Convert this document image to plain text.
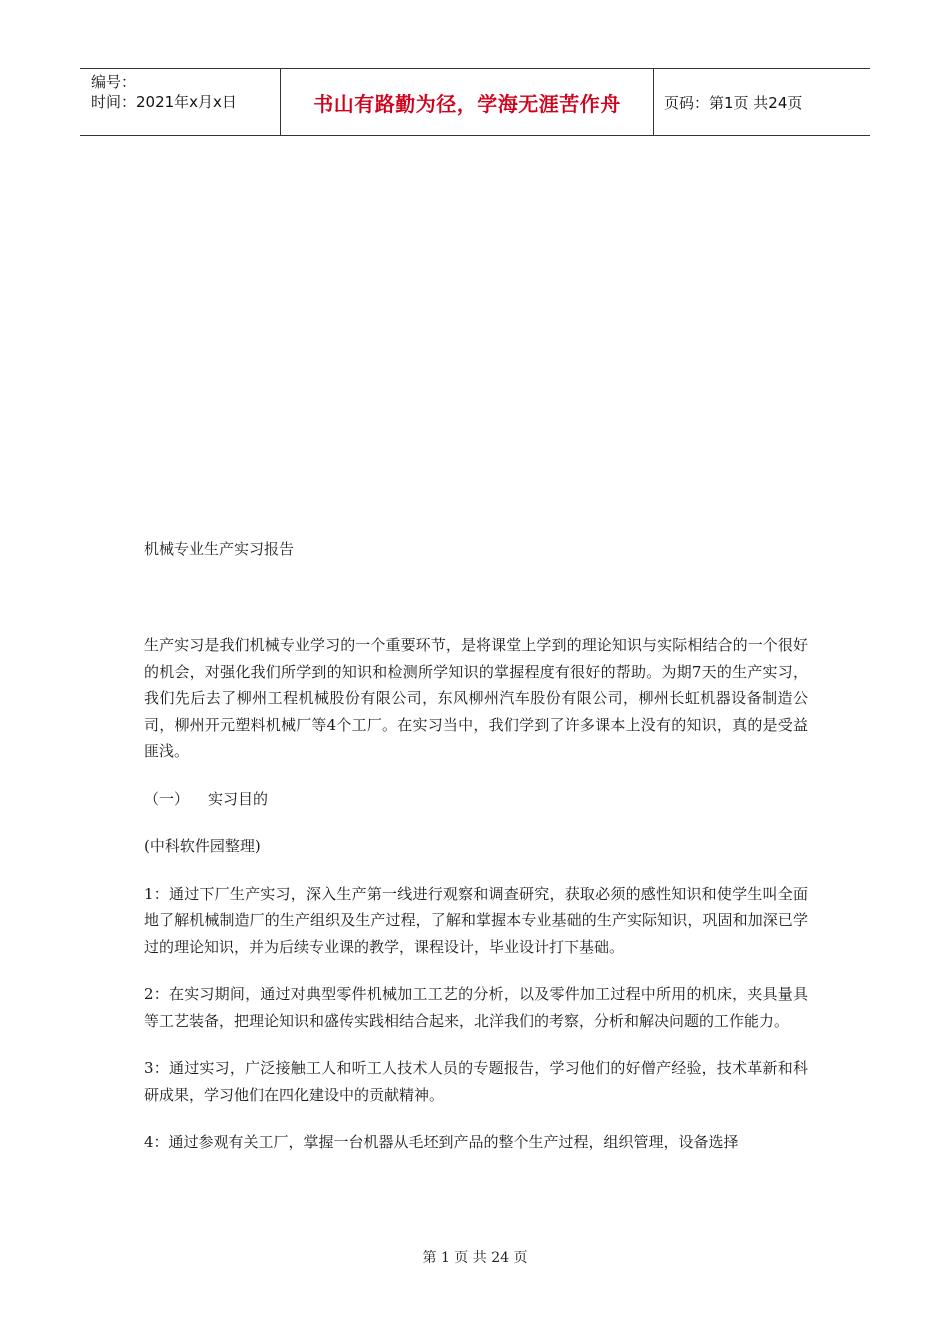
编号：
时间：2021年x月x日	书山有路勤为径，学海无涯苦作舟	页码：第1页 共24页
机械专业生产实习报告

生产实习是我们机械专业学习的一个重要环节，是将课堂上学到的理论知识与实际相结合的一个很好的机会，对强化我们所学到的知识和检测所学知识的掌握程度有很好的帮助。为期7天的生产实习，我们先后去了柳州工程机械股份有限公司，东风柳州汽车股份有限公司，柳州长虹机器设备制造公司，柳州开元塑料机械厂等4个工厂。在实习当中，我们学到了许多课本上没有的知识，真的是受益匪浅。

（一） 实习目的

(中科软件园整理)

1：通过下厂生产实习，深入生产第一线进行观察和调查研究，获取必须的感性知识和使学生叫全面地了解机械制造厂的生产组织及生产过程，了解和掌握本专业基础的生产实际知识，巩固和加深已学过的理论知识，并为后续专业课的教学，课程设计，毕业设计打下基础。

2：在实习期间，通过对典型零件机械加工工艺的分析，以及零件加工过程中所用的机床，夹具量具等工艺装备，把理论知识和盛传实践相结合起来，北洋我们的考察，分析和解决问题的工作能力。

3：通过实习，广泛接触工人和听工人技术人员的专题报告，学习他们的好僧产经验，技术革新和科研成果，学习他们在四化建设中的贡献精神。

4：通过参观有关工厂，掌握一台机器从毛坯到产品的整个生产过程，组织管理，设备选择

第 1 页 共 24 页
